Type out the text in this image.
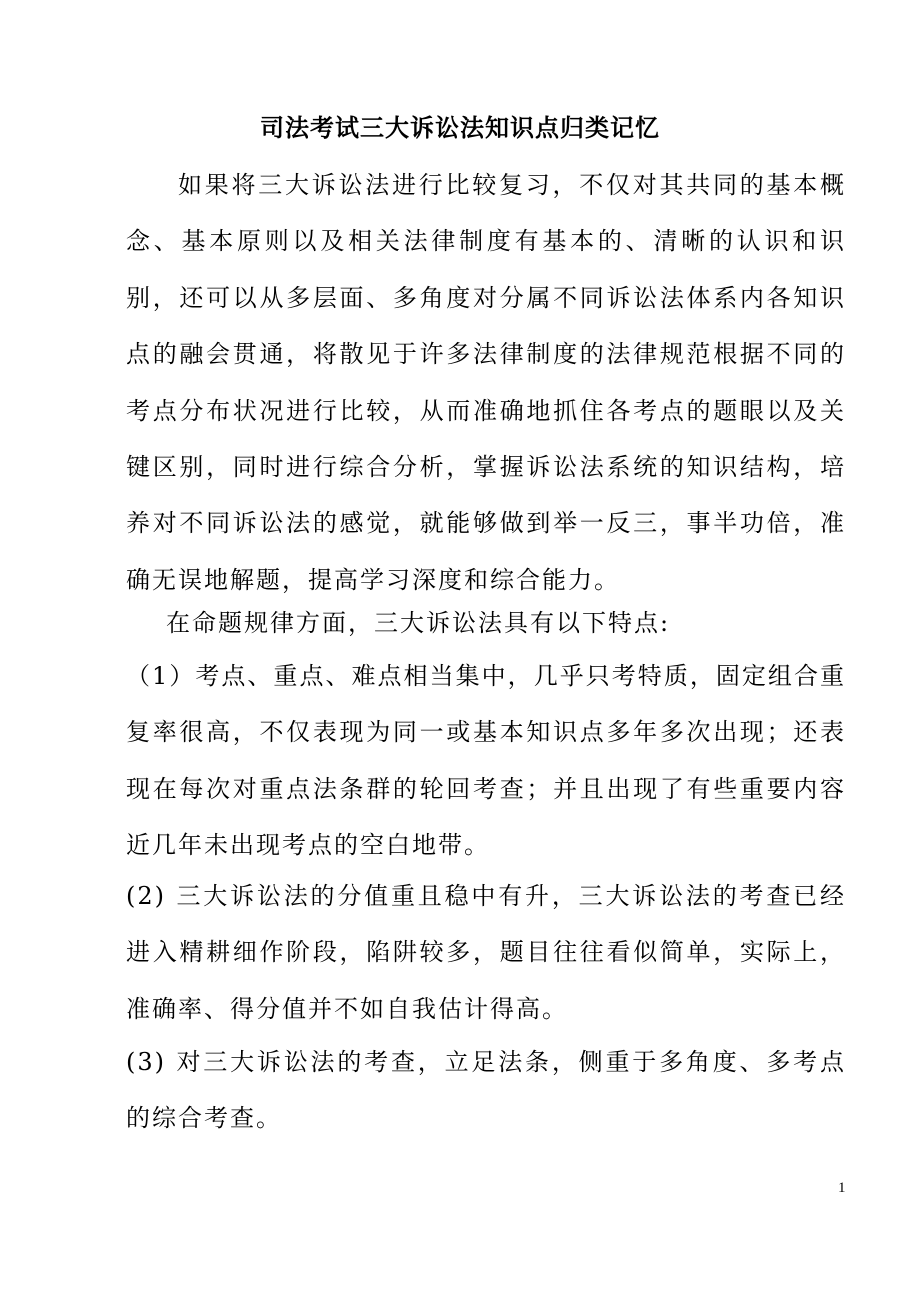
司法考试三大诉讼法知识点归类记忆
如果将三大诉讼法进行比较复习，不仅对其共同的基本概念、基本原则以及相关法律制度有基本的、清晰的认识和识别，还可以从多层面、多角度对分属不同诉讼法体系内各知识点的融会贯通，将散见于许多法律制度的法律规范根据不同的考点分布状况进行比较，从而准确地抓住各考点的题眼以及关键区别，同时进行综合分析，掌握诉讼法系统的知识结构，培养对不同诉讼法的感觉，就能够做到举一反三，事半功倍，准确无误地解题，提高学习深度和综合能力。
在命题规律方面，三大诉讼法具有以下特点:
（1）考点、重点、难点相当集中，几乎只考特质，固定组合重复率很高，不仅表现为同一或基本知识点多年多次出现；还表现在每次对重点法条群的轮回考查；并且出现了有些重要内容近几年未出现考点的空白地带。
(2) 三大诉讼法的分值重且稳中有升，三大诉讼法的考查已经进入精耕细作阶段，陷阱较多，题目往往看似简单，实际上，准确率、得分值并不如自我估计得高。
(3) 对三大诉讼法的考查，立足法条，侧重于多角度、多考点的综合考查。
1
